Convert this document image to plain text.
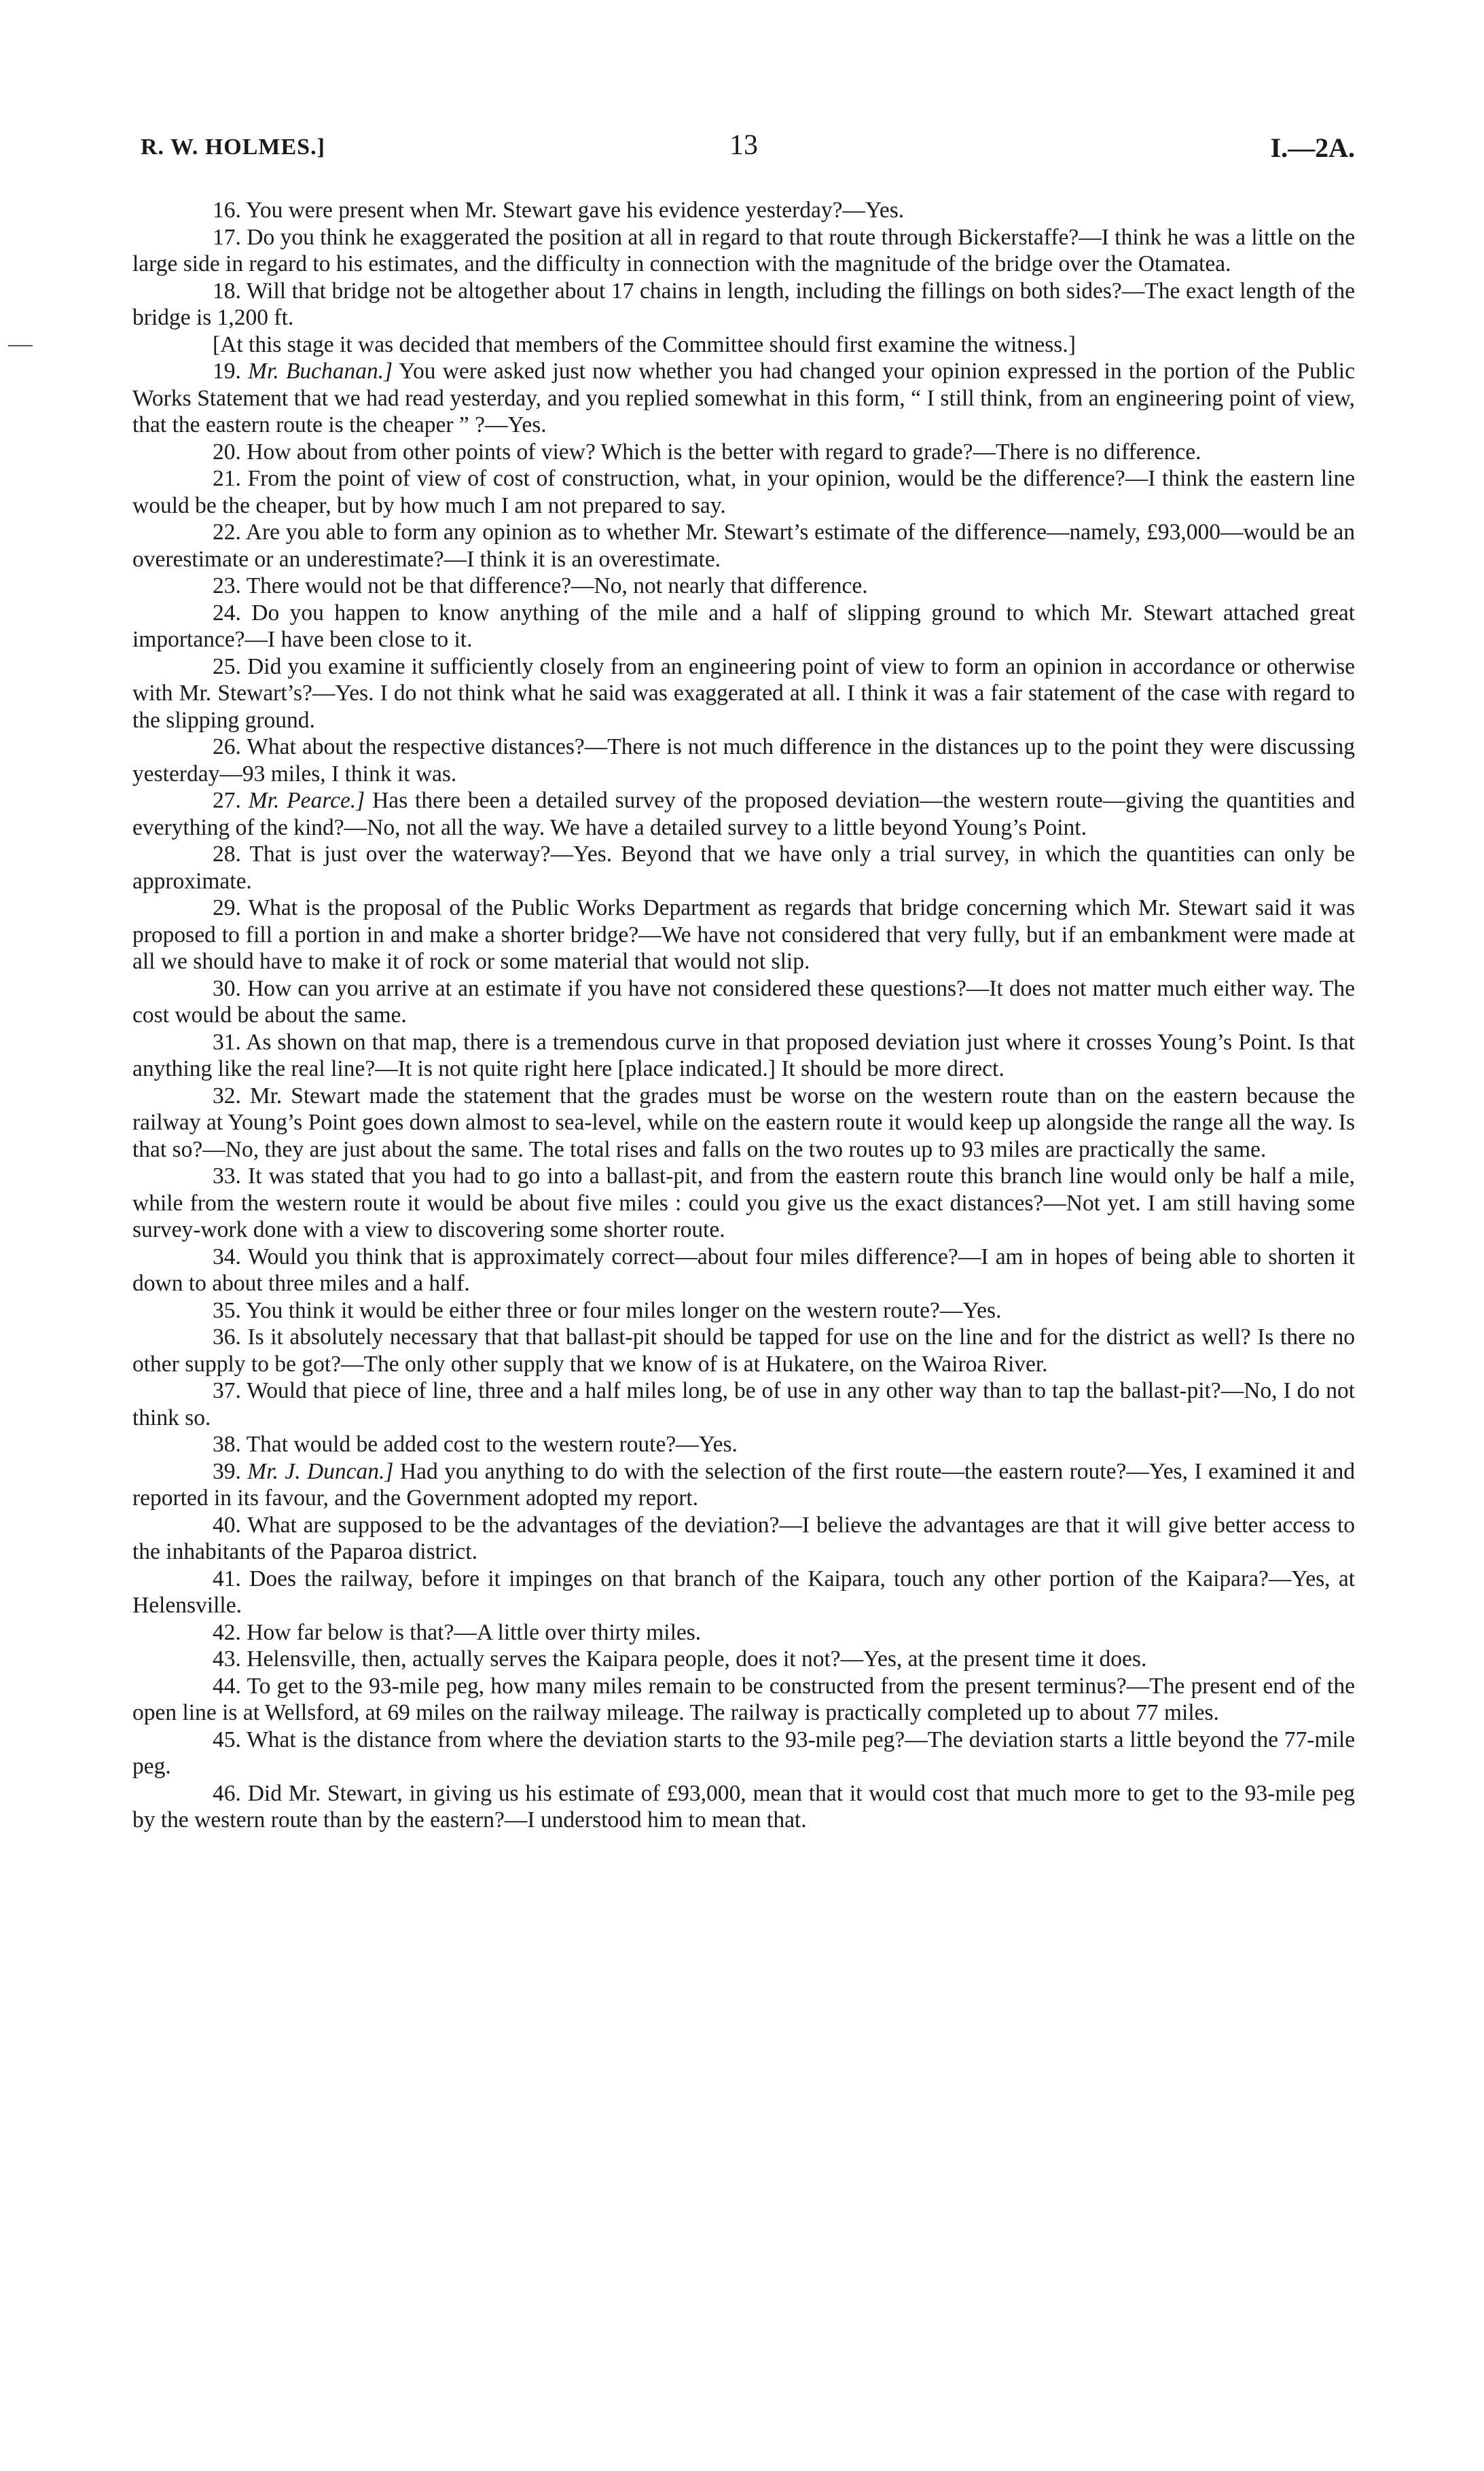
R. W. HOLMES.]	13	I.—2A.

16. You were present when Mr. Stewart gave his evidence yesterday?—Yes.

17. Do you think he exaggerated the position at all in regard to that route through Bickerstaffe?—I think he was a little on the large side in regard to his estimates, and the difficulty in connection with the magnitude of the bridge over the Otamatea.

18. Will that bridge not be altogether about 17 chains in length, including the fillings on both sides?—The exact length of the bridge is 1,200 ft.

[At this stage it was decided that members of the Committee should first examine the witness.]

19. Mr. Buchanan.] You were asked just now whether you had changed your opinion expressed in the portion of the Public Works Statement that we had read yesterday, and you replied somewhat in this form, “ I still think, from an engineering point of view, that the eastern route is the cheaper ” ?—Yes.

20. How about from other points of view? Which is the better with regard to grade?—There is no difference.

21. From the point of view of cost of construction, what, in your opinion, would be the difference?—I think the eastern line would be the cheaper, but by how much I am not prepared to say.

22. Are you able to form any opinion as to whether Mr. Stewart’s estimate of the difference—namely, £93,000—would be an overestimate or an underestimate?—I think it is an overestimate.

23. There would not be that difference?—No, not nearly that difference.

24. Do you happen to know anything of the mile and a half of slipping ground to which Mr. Stewart attached great importance?—I have been close to it.

25. Did you examine it sufficiently closely from an engineering point of view to form an opinion in accordance or otherwise with Mr. Stewart’s?—Yes. I do not think what he said was exaggerated at all. I think it was a fair statement of the case with regard to the slipping ground.

26. What about the respective distances?—There is not much difference in the distances up to the point they were discussing yesterday—93 miles, I think it was.

27. Mr. Pearce.] Has there been a detailed survey of the proposed deviation—the western route—giving the quantities and everything of the kind?—No, not all the way. We have a detailed survey to a little beyond Young’s Point.

28. That is just over the waterway?—Yes. Beyond that we have only a trial survey, in which the quantities can only be approximate.

29. What is the proposal of the Public Works Department as regards that bridge concerning which Mr. Stewart said it was proposed to fill a portion in and make a shorter bridge?—We have not considered that very fully, but if an embankment were made at all we should have to make it of rock or some material that would not slip.

30. How can you arrive at an estimate if you have not considered these questions?—It does not matter much either way. The cost would be about the same.

31. As shown on that map, there is a tremendous curve in that proposed deviation just where it crosses Young’s Point. Is that anything like the real line?—It is not quite right here [place indicated.] It should be more direct.

32. Mr. Stewart made the statement that the grades must be worse on the western route than on the eastern because the railway at Young’s Point goes down almost to sea-level, while on the eastern route it would keep up alongside the range all the way. Is that so?—No, they are just about the same. The total rises and falls on the two routes up to 93 miles are practically the same.

33. It was stated that you had to go into a ballast-pit, and from the eastern route this branch line would only be half a mile, while from the western route it would be about five miles : could you give us the exact distances?—Not yet. I am still having some survey-work done with a view to discovering some shorter route.

34. Would you think that is approximately correct—about four miles difference?—I am in hopes of being able to shorten it down to about three miles and a half.

35. You think it would be either three or four miles longer on the western route?—Yes.

36. Is it absolutely necessary that that ballast-pit should be tapped for use on the line and for the district as well? Is there no other supply to be got?—The only other supply that we know of is at Hukatere, on the Wairoa River.

37. Would that piece of line, three and a half miles long, be of use in any other way than to tap the ballast-pit?—No, I do not think so.

38. That would be added cost to the western route?—Yes.

39. Mr. J. Duncan.] Had you anything to do with the selection of the first route—the eastern route?—Yes, I examined it and reported in its favour, and the Government adopted my report.

40. What are supposed to be the advantages of the deviation?—I believe the advantages are that it will give better access to the inhabitants of the Paparoa district.

41. Does the railway, before it impinges on that branch of the Kaipara, touch any other portion of the Kaipara?—Yes, at Helensville.

42. How far below is that?—A little over thirty miles.

43. Helensville, then, actually serves the Kaipara people, does it not?—Yes, at the present time it does.

44. To get to the 93-mile peg, how many miles remain to be constructed from the present terminus?—The present end of the open line is at Wellsford, at 69 miles on the railway mileage. The railway is practically completed up to about 77 miles.

45. What is the distance from where the deviation starts to the 93-mile peg?—The deviation starts a little beyond the 77-mile peg.

46. Did Mr. Stewart, in giving us his estimate of £93,000, mean that it would cost that much more to get to the 93-mile peg by the western route than by the eastern?—I understood him to mean that.
